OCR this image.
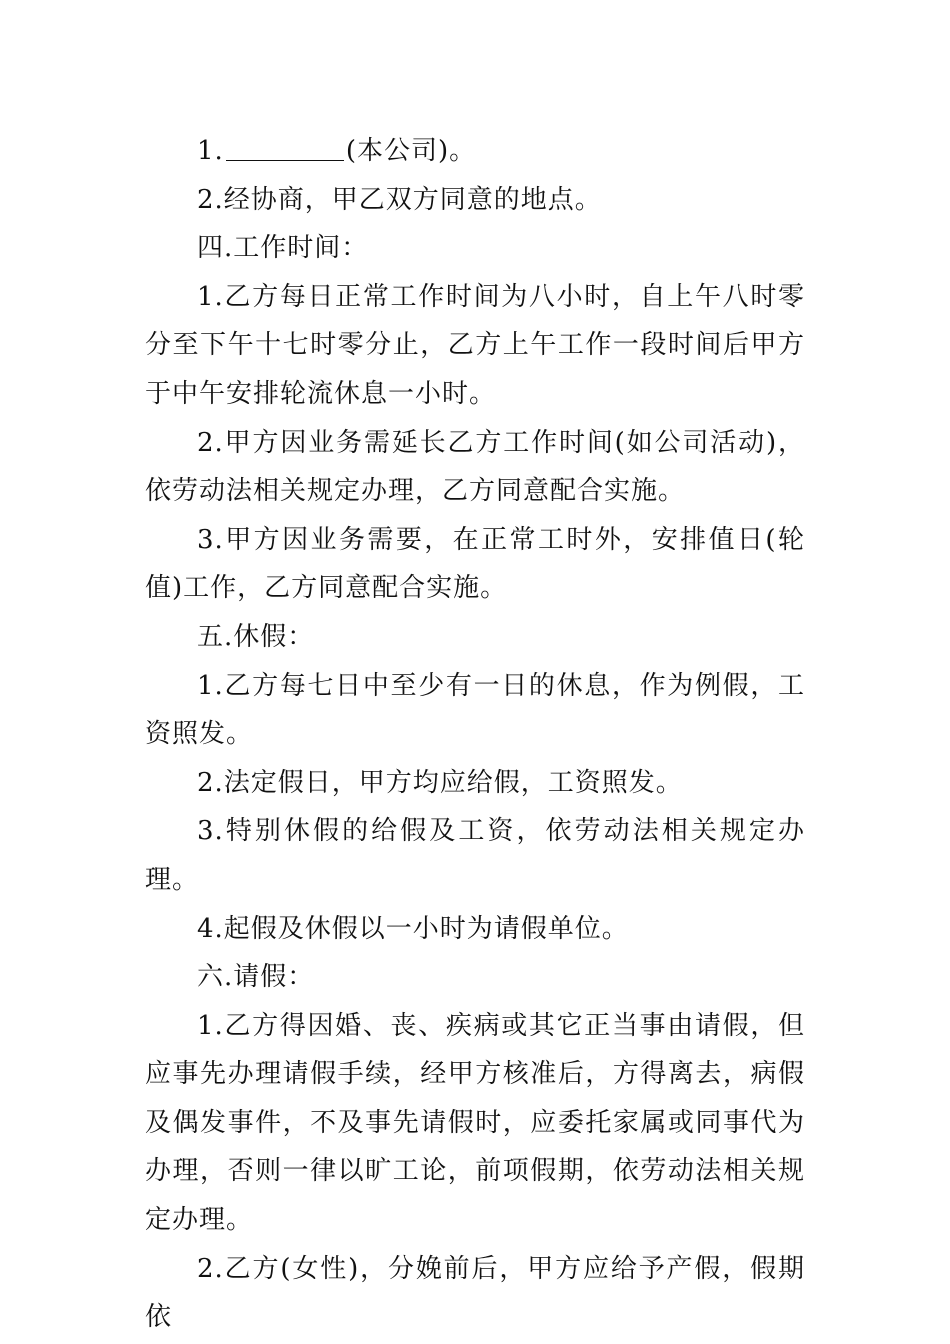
1.	(本公司)。

2.经协商，甲乙双方同意的地点。

四.工作时间：

1.乙方每日正常工作时间为八小时，自上午八时零分至下午十七时零分止，乙方上午工作一段时间后甲方于中午安排轮流休息一小时。

2.甲方因业务需延长乙方工作时间(如公司活动)，依劳动法相关规定办理，乙方同意配合实施。

3.甲方因业务需要，在正常工时外，安排值日(轮值)工作，乙方同意配合实施。

五.休假：

1.乙方每七日中至少有一日的休息，作为例假，工资照发。

2.法定假日，甲方均应给假，工资照发。

3.特别休假的给假及工资，依劳动法相关规定办理。

4.起假及休假以一小时为请假单位。

六.请假：

1.乙方得因婚、丧、疾病或其它正当事由请假，但应事先办理请假手续，经甲方核准后，方得离去，病假及偶发事件，不及事先请假时，应委托家属或同事代为办理，否则一律以旷工论，前项假期，依劳动法相关规定办理。

2.乙方(女性)，分娩前后，甲方应给予产假，假期依
